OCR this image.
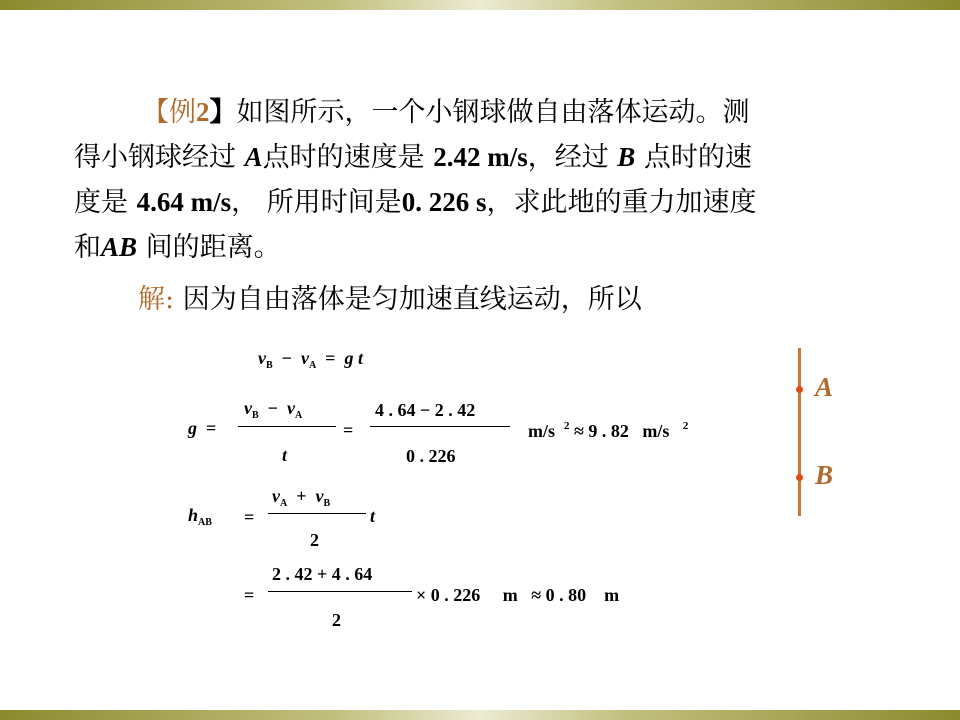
【例2】如图所示，一个小钢球做自由落体运动。测
得小钢球经过 A点时的速度是 2.42 m/s，经过 B 点时的速
度是 4.64 m/s， 所用时间是0. 226 s，求此地的重力加速度
和AB 间的距离。
解: 因为自由落体是匀加速直线运动，所以
$v_B - v_A = g$ t
g =
$v_B - v_A$
t
=
4 . 64 − 2 . 42
0 . 226
m/s $^2$ ≈ 9 . 82 m/s $^2$
$h_{AB}$ =
$v_A + v_B$
2
t
=
2 . 42 + 4 . 64
2
× 0 . 226 m ≈ 0 . 80 m
A
B
